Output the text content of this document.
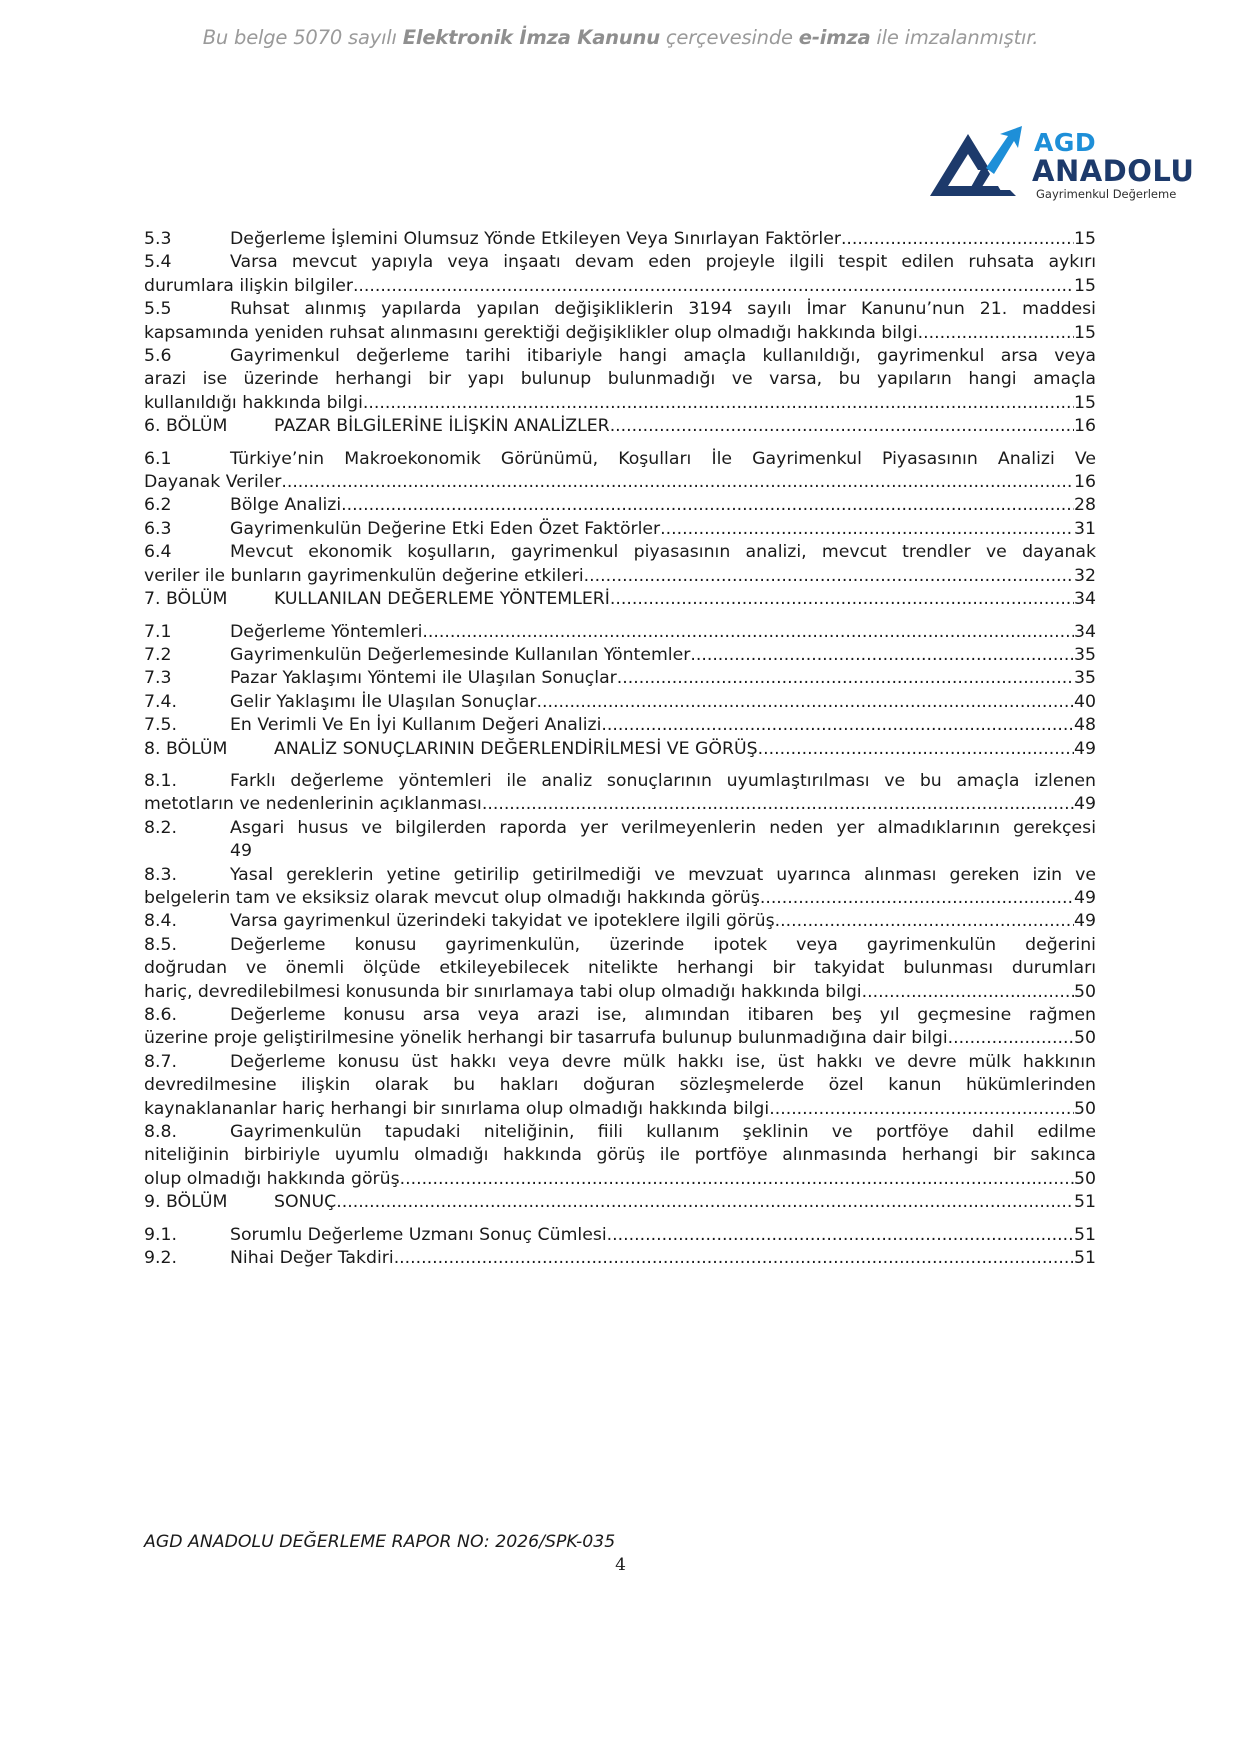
Bu belge 5070 sayılı Elektronik İmza Kanunu çerçevesinde e-imza ile imzalanmıştır.
AGD
ANADOLU
Gayrimenkul Değerleme
5.3	Değerleme İşlemini Olumsuz Yönde Etkileyen Veya Sınırlayan Faktörler .....	15
5.4	Varsa mevcut yapıyla veya inşaatı devam eden projeyle ilgili tespit edilen ruhsata aykırı
durumlara ilişkin bilgiler .....	15
5.5	Ruhsat alınmış yapılarda yapılan değişikliklerin 3194 sayılı İmar Kanunu’nun 21. maddesi
kapsamında yeniden ruhsat alınmasını gerektiği değişiklikler olup olmadığı hakkında bilgi .....	15
5.6	Gayrimenkul değerleme tarihi itibariyle hangi amaçla kullanıldığı, gayrimenkul arsa veya
arazi ise üzerinde herhangi bir yapı bulunup bulunmadığı ve varsa, bu yapıların hangi amaçla
kullanıldığı hakkında bilgi .....	15
6. BÖLÜM	PAZAR BİLGİLERİNE İLİŞKİN ANALİZLER .....	16
6.1	Türkiye’nin Makroekonomik Görünümü, Koşulları İle Gayrimenkul Piyasasının Analizi Ve
Dayanak Veriler .....	16
6.2	Bölge Analizi .....	28
6.3	Gayrimenkulün Değerine Etki Eden Özet Faktörler .....	31
6.4	Mevcut ekonomik koşulların, gayrimenkul piyasasının analizi, mevcut trendler ve dayanak
veriler ile bunların gayrimenkulün değerine etkileri .....	32
7. BÖLÜM	KULLANILAN DEĞERLEME YÖNTEMLERİ .....	34
7.1	Değerleme Yöntemleri .....	34
7.2	Gayrimenkulün Değerlemesinde Kullanılan Yöntemler .....	35
7.3	Pazar Yaklaşımı Yöntemi ile Ulaşılan Sonuçlar .....	35
7.4.	Gelir Yaklaşımı İle Ulaşılan Sonuçlar .....	40
7.5.	En Verimli Ve En İyi Kullanım Değeri Analizi .....	48
8. BÖLÜM	ANALİZ SONUÇLARININ DEĞERLENDİRİLMESİ VE GÖRÜŞ .....	49
8.1.	Farklı değerleme yöntemleri ile analiz sonuçlarının uyumlaştırılması ve bu amaçla izlenen
metotların ve nedenlerinin açıklanması .....	49
8.2.	Asgari husus ve bilgilerden raporda yer verilmeyenlerin neden yer almadıklarının gerekçesi
49
8.3.	Yasal gereklerin yetine getirilip getirilmediği ve mevzuat uyarınca alınması gereken izin ve
belgelerin tam ve eksiksiz olarak mevcut olup olmadığı hakkında görüş .....	49
8.4.	Varsa gayrimenkul üzerindeki takyidat ve ipoteklere ilgili görüş .....	49
8.5.	Değerleme konusu gayrimenkulün, üzerinde ipotek veya gayrimenkulün değerini
doğrudan ve önemli ölçüde etkileyebilecek nitelikte herhangi bir takyidat bulunması durumları
hariç, devredilebilmesi konusunda bir sınırlamaya tabi olup olmadığı hakkında bilgi .....	50
8.6.	Değerleme konusu arsa veya arazi ise, alımından itibaren beş yıl geçmesine rağmen
üzerine proje geliştirilmesine yönelik herhangi bir tasarrufa bulunup bulunmadığına dair bilgi .....	50
8.7.	Değerleme konusu üst hakkı veya devre mülk hakkı ise, üst hakkı ve devre mülk hakkının
devredilmesine ilişkin olarak bu hakları doğuran sözleşmelerde özel kanun hükümlerinden
kaynaklananlar hariç herhangi bir sınırlama olup olmadığı hakkında bilgi .....	50
8.8.	Gayrimenkulün tapudaki niteliğinin, fiili kullanım şeklinin ve portföye dahil edilme
niteliğinin birbiriyle uyumlu olmadığı hakkında görüş ile portföye alınmasında herhangi bir sakınca
olup olmadığı hakkında görüş .....	50
9. BÖLÜM	SONUÇ .....	51
9.1.	Sorumlu Değerleme Uzmanı Sonuç Cümlesi .....	51
9.2.	Nihai Değer Takdiri .....	51
AGD ANADOLU DEĞERLEME RAPOR NO: 2026/SPK-035
4
